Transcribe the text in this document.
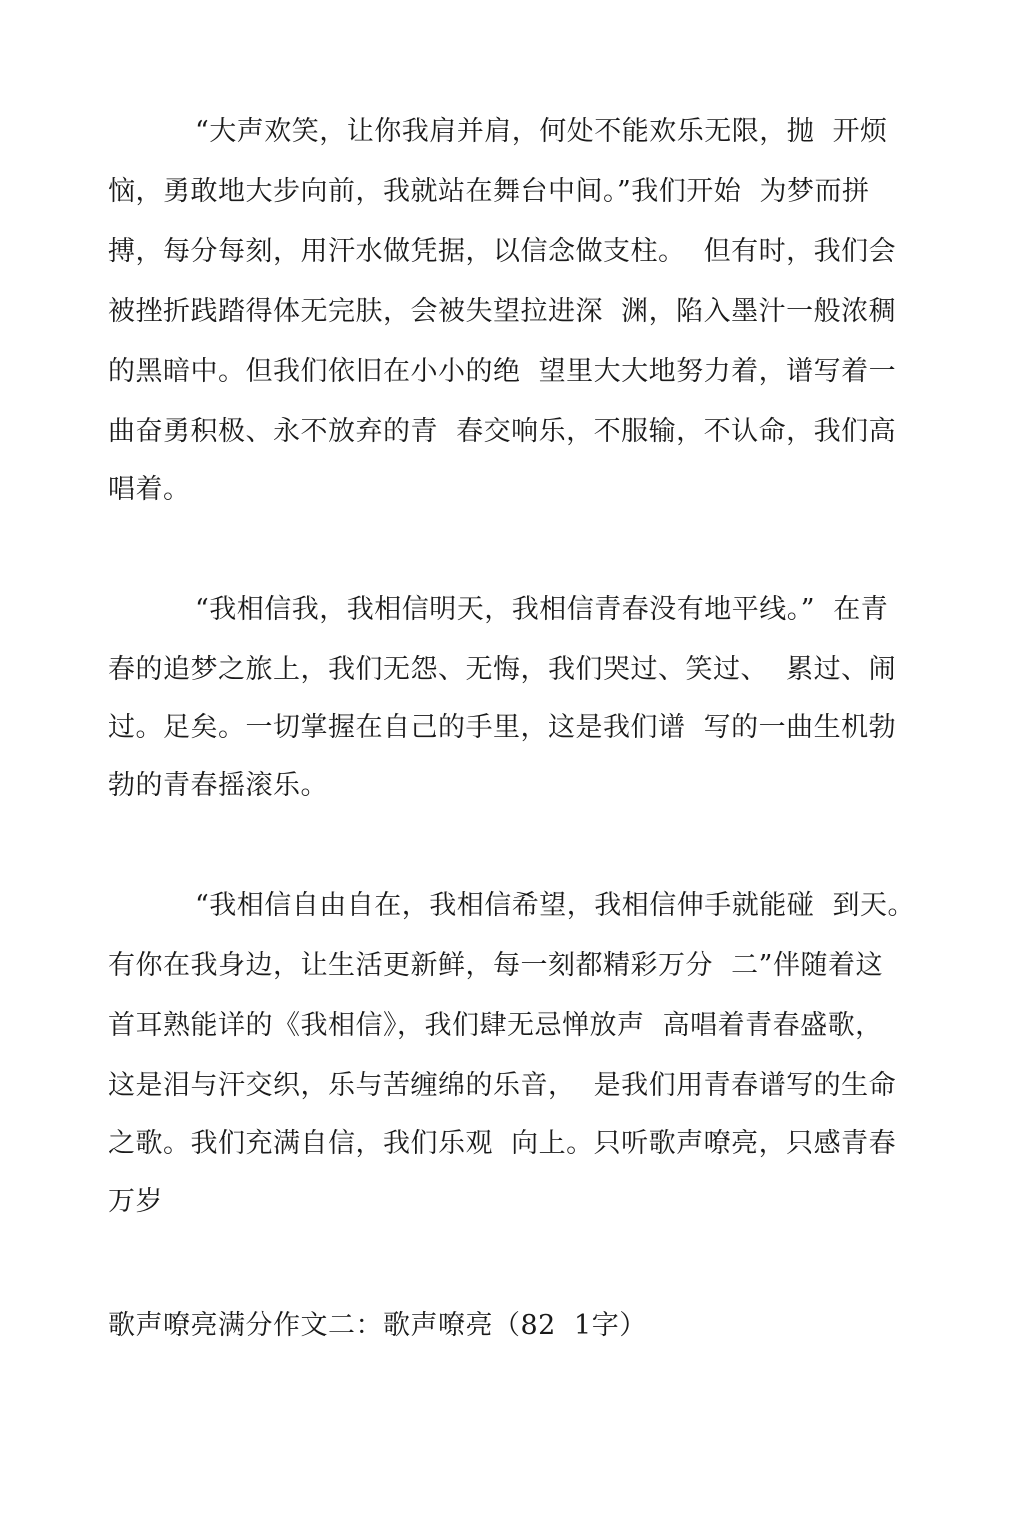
“大声欢笑，让你我肩并肩，何处不能欢乐无限，抛  开烦
恼，勇敢地大步向前，我就站在舞台中间。”我们开始  为梦而拼
搏，每分每刻，用汗水做凭据，以信念做支柱。  但有时，我们会
被挫折践踏得体无完肤，会被失望拉进深  渊，陷入墨汁一般浓稠
的黑暗中。但我们依旧在小小的绝  望里大大地努力着，谱写着一
曲奋勇积极、永不放弃的青  春交响乐，不服输，不认命，我们高
唱着。
“我相信我，我相信明天，我相信青春没有地平线。”  在青
春的追梦之旅上，我们无怨、无悔，我们哭过、笑过、  累过、闹
过。足矣。一切掌握在自己的手里，这是我们谱  写的一曲生机勃
勃的青春摇滚乐。
“我相信自由自在，我相信希望，我相信伸手就能碰  到天。
有你在我身边，让生活更新鲜，每一刻都精彩万分  二”伴随着这
首耳熟能详的《我相信》，我们肆无忌惮放声  高唱着青春盛歌，
这是泪与汗交织，乐与苦缠绵的乐音，  是我们用青春谱写的生命
之歌。我们充满自信，我们乐观  向上。只听歌声嘹亮，只感青春
万岁
歌声嘹亮满分作文二：歌声嘹亮（82  1字）
